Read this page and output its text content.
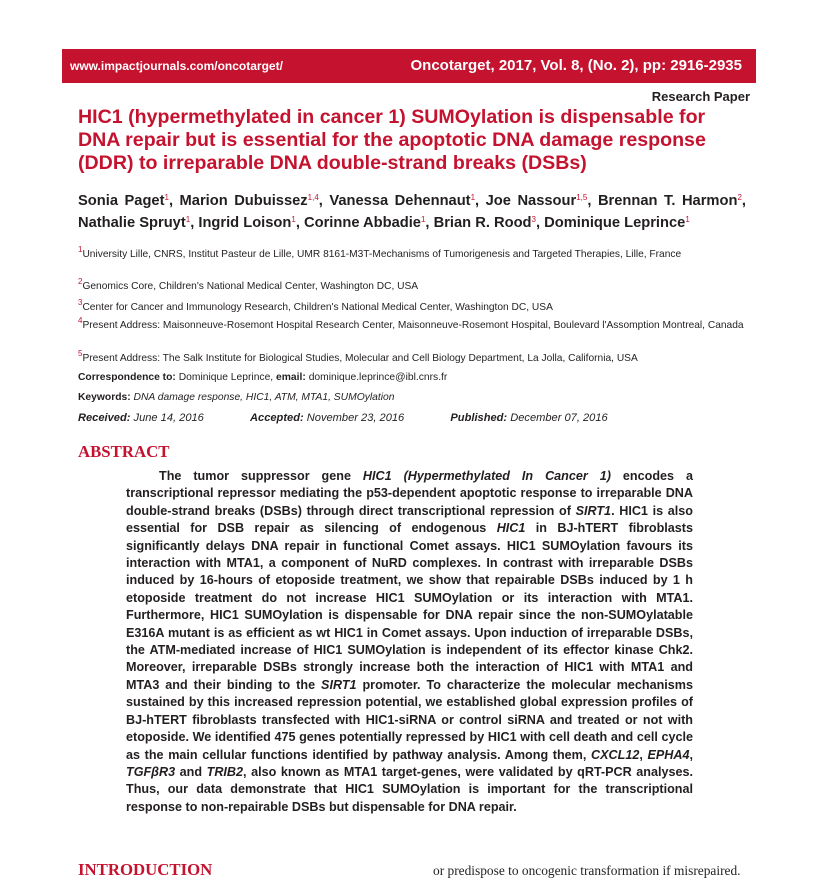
www.impactjournals.com/oncotarget/	Oncotarget, 2017, Vol. 8, (No. 2), pp: 2916-2935
Research Paper
HIC1 (hypermethylated in cancer 1) SUMOylation is dispensable for DNA repair but is essential for the apoptotic DNA damage response (DDR) to irreparable DNA double-strand breaks (DSBs)

Sonia Paget$^1$, Marion Dubuissez$^{1,4}$, Vanessa Dehennaut$^1$, Joe Nassour$^{1,5}$, Brennan T. Harmon$^2$, Nathalie Spruyt$^1$, Ingrid Loison$^1$, Corinne Abbadie$^1$, Brian R. Rood$^3$, Dominique Leprince$^1$

$^1$University Lille, CNRS, Institut Pasteur de Lille, UMR 8161-M3T-Mechanisms of Tumorigenesis and Targeted Therapies, Lille, France

$^2$Genomics Core, Children's National Medical Center, Washington DC, USA

$^3$Center for Cancer and Immunology Research, Children's National Medical Center, Washington DC, USA

$^4$Present Address: Maisonneuve-Rosemont Hospital Research Center, Maisonneuve-Rosemont Hospital, Boulevard l'Assomption Montreal, Canada

$^5$Present Address: The Salk Institute for Biological Studies, Molecular and Cell Biology Department, La Jolla, California, USA

Correspondence to: Dominique Leprince, email: dominique.leprince@ibl.cnrs.fr
Keywords: DNA damage response, HIC1, ATM, MTA1, SUMOylation
Received: June 14, 2016	Accepted: November 23, 2016	Published: December 07, 2016
ABSTRACT

The tumor suppressor gene HIC1 (Hypermethylated In Cancer 1) encodes a transcriptional repressor mediating the p53-dependent apoptotic response to irreparable DNA double-strand breaks (DSBs) through direct transcriptional repression of SIRT1. HIC1 is also essential for DSB repair as silencing of endogenous HIC1 in BJ-hTERT fibroblasts significantly delays DNA repair in functional Comet assays. HIC1 SUMOylation favours its interaction with MTA1, a component of NuRD complexes. In contrast with irreparable DSBs induced by 16-hours of etoposide treatment, we show that repairable DSBs induced by 1 h etoposide treatment do not increase HIC1 SUMOylation or its interaction with MTA1. Furthermore, HIC1 SUMOylation is dispensable for DNA repair since the non-SUMOylatable E316A mutant is as efficient as wt HIC1 in Comet assays. Upon induction of irreparable DSBs, the ATM-mediated increase of HIC1 SUMOylation is independent of its effector kinase Chk2. Moreover, irreparable DSBs strongly increase both the interaction of HIC1 with MTA1 and MTA3 and their binding to the SIRT1 promoter. To characterize the molecular mechanisms sustained by this increased repression potential, we established global expression profiles of BJ-hTERT fibroblasts transfected with HIC1-siRNA or control siRNA and treated or not with etoposide. We identified 475 genes potentially repressed by HIC1 with cell death and cell cycle as the main cellular functions identified by pathway analysis. Among them, CXCL12, EPHA4, TGFβR3 and TRIB2, also known as MTA1 target-genes, were validated by qRT-PCR analyses. Thus, our data demonstrate that HIC1 SUMOylation is important for the transcriptional response to non-repairable DSBs but dispensable for DNA repair.

INTRODUCTION	or predispose to oncogenic transformation if misrepaired.
